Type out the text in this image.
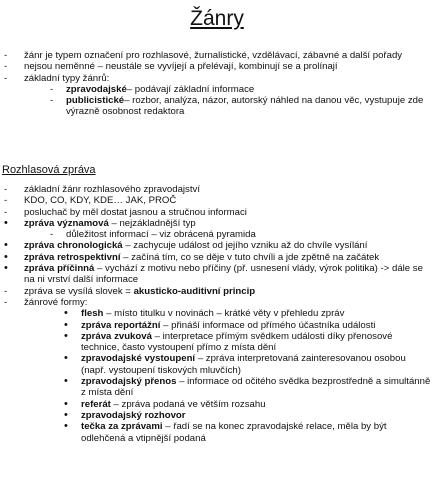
Žánry
- žánr je typem označení pro rozhlasové, žurnalistické, vzdělávací, zábavné a další pořady
- nejsou neměnné – neustále se vyvíjejí a přelévají, kombinují se a prolínají
- základní typy žánrů:
- zpravodajské– podávají základní informace
- publicistické– rozbor, analýza, názor, autorský náhled na danou věc, vystupuje zde výrazně osobnost redaktora
Rozhlasová zpráva
- základní žánr rozhlasového zpravodajství
- KDO, CO, KDY, KDE… JAK, PROČ
- posluchač by měl dostat jasnou a stručnou informaci
• zpráva významová – nejzákladnější typ
- důležitost informací – viz obrácená pyramida
• zpráva chronologická – zachycuje událost od jejího vzniku až do chvíle vysílání
• zpráva retrospektivní – začíná tím, co se děje v tuto chvíli a jde zpětně na začátek
• zpráva příčinná – vychází z motivu nebo příčiny (př. usnesení vlády, výrok politika) -> dále se na ni vrství další informace
- zpráva se vysílá slovek = akusticko-auditivní princip
- žánrové formy:
• flesh – místo titulku v novinách – krátké věty v přehledu zpráv
• zpráva reportážní – přináší informace od přímého účastníka události
• zpráva zvuková – interpretace přímým svědkem události díky přenosové technice, často vystoupení přímo z místa dění
• zpravodajské vystoupení – zpráva interpretovaná zainteresovanou osobou (např. vystoupení tiskových mluvčích)
• zpravodajský přenos – informace od očitého svědka bezprostředně a simultánně z místa dění
• referát – zpráva podaná ve větším rozsahu
• zpravodajský rozhovor
• tečka za zprávami – řadí se na konec zpravodajské relace, měla by být odlehčená a vtipnější podaná
